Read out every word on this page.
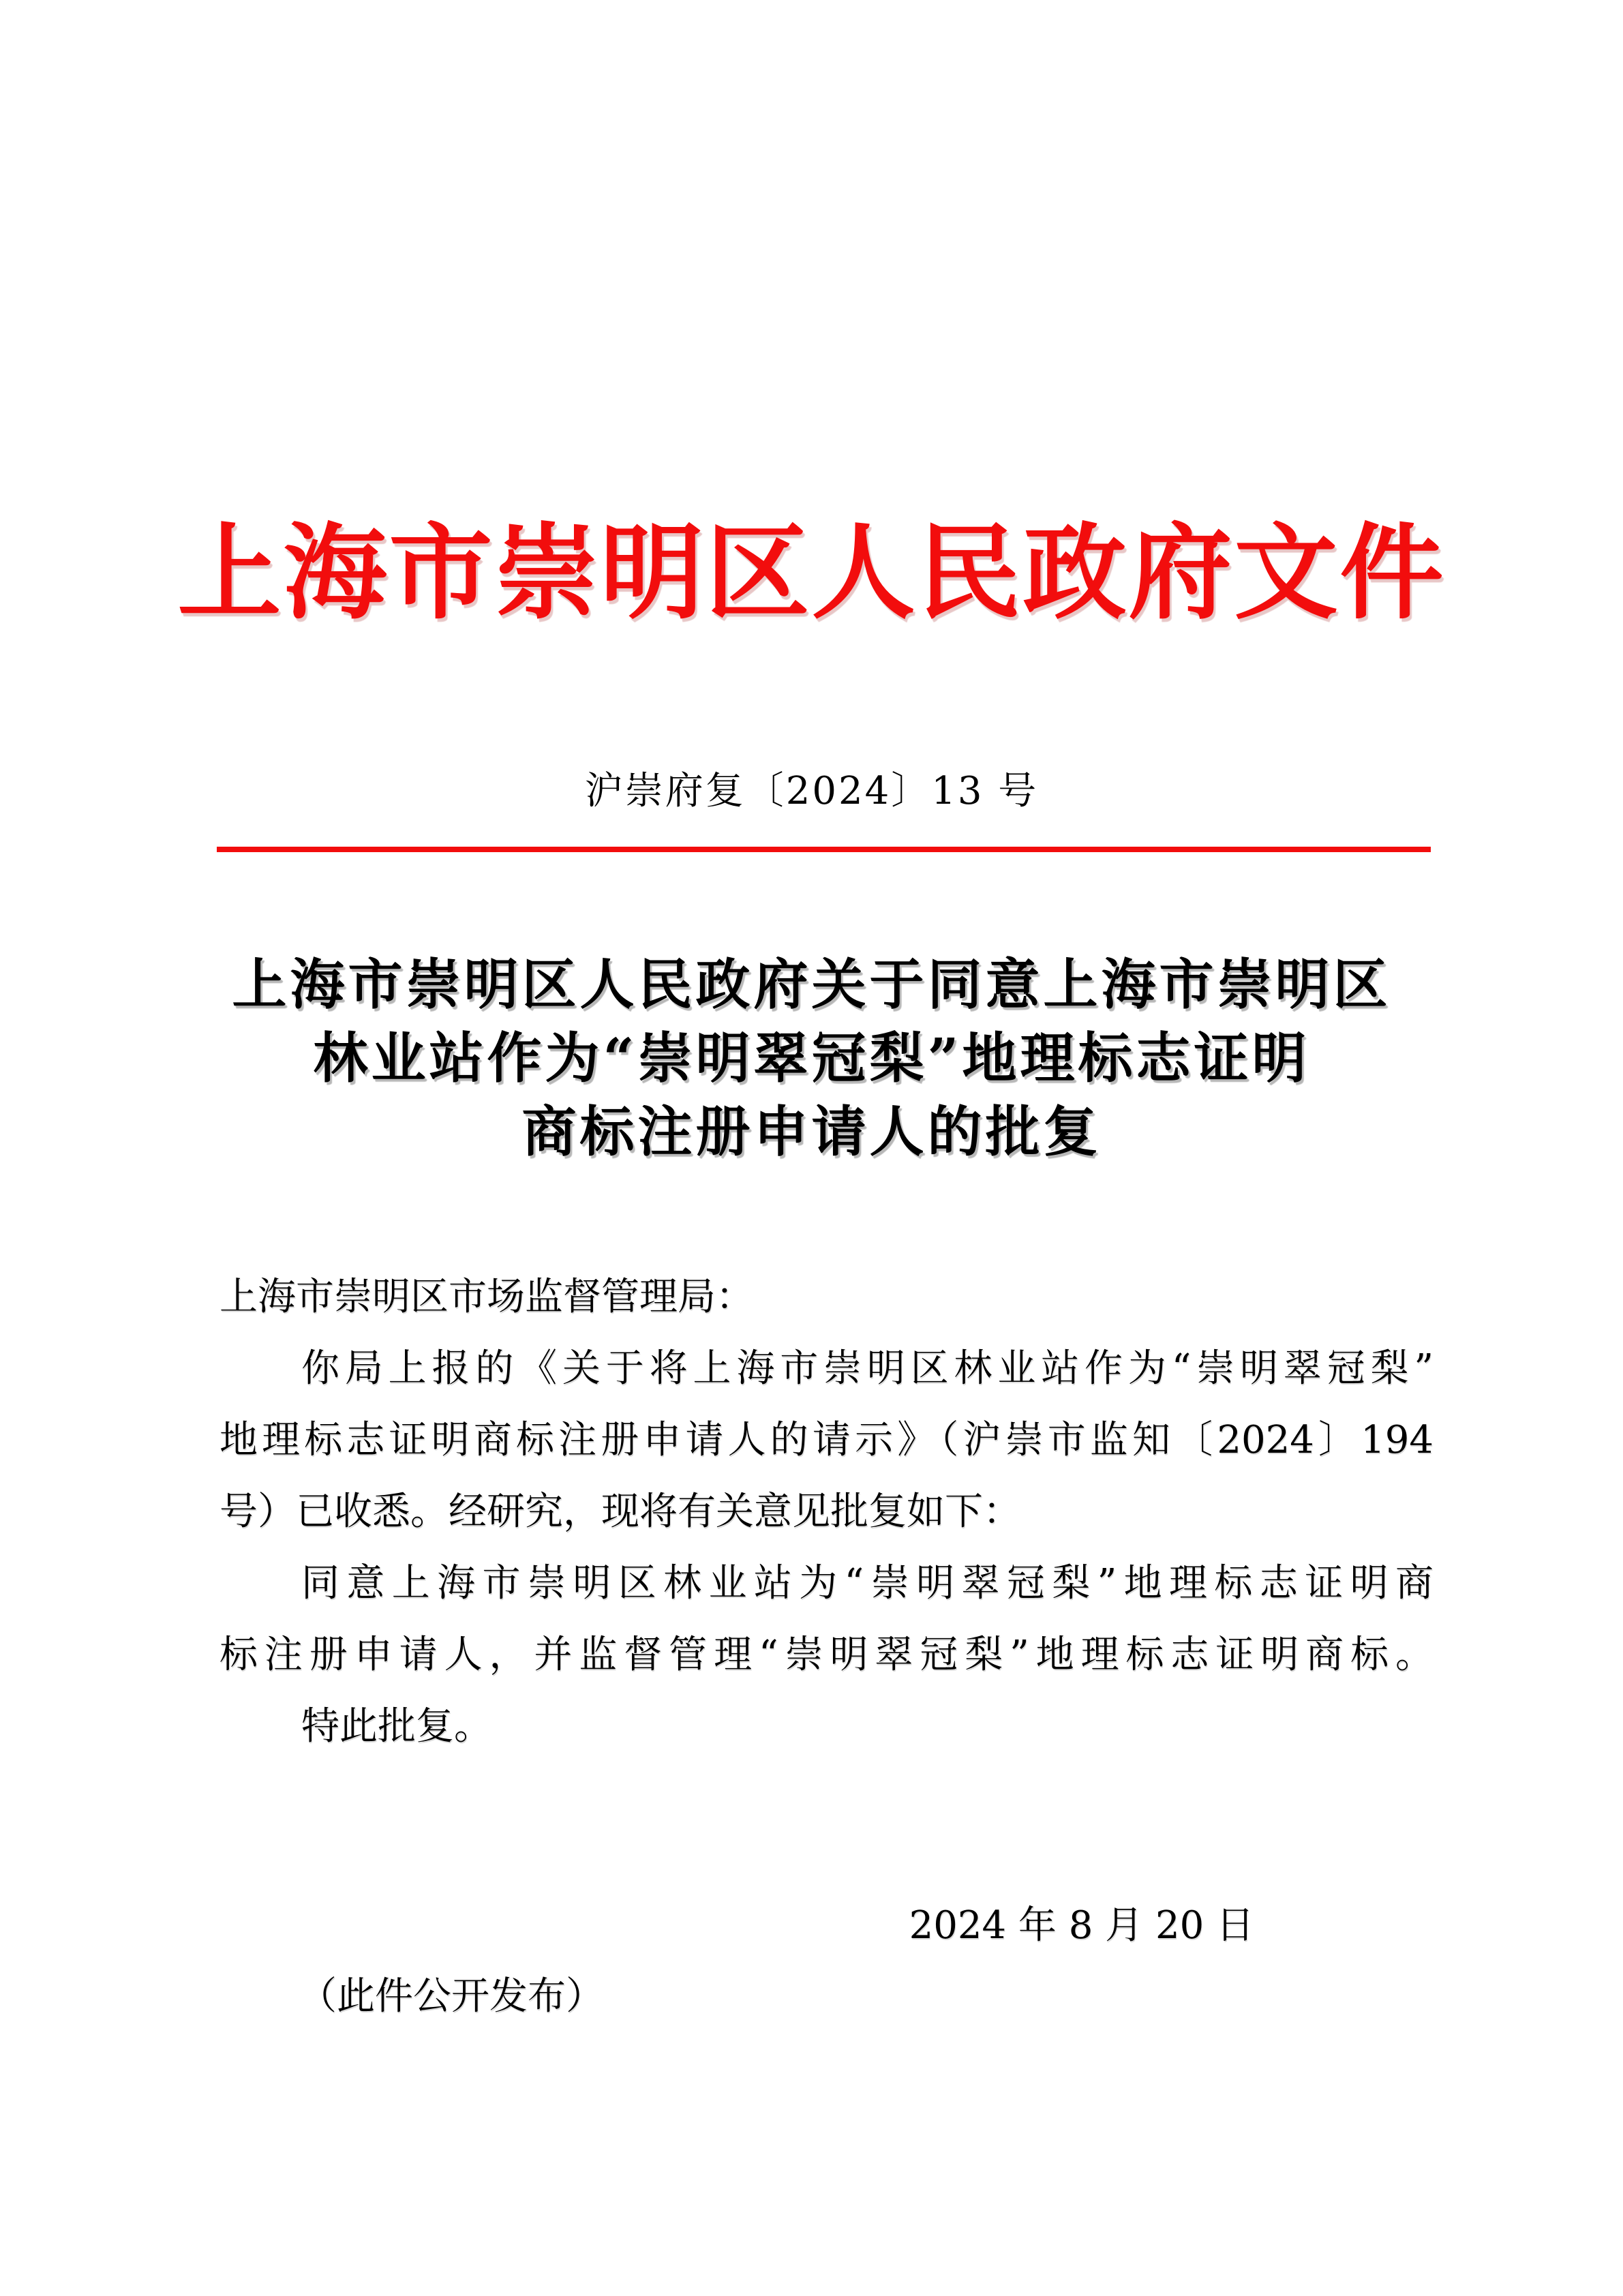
上海市崇明区人民政府文件
沪崇府复〔2024〕13 号
上海市崇明区人民政府关于同意上海市崇明区
林业站作为“崇明翠冠梨”地理标志证明
商标注册申请人的批复
上海市崇明区市场监督管理局：
你局上报的《关于将上海市崇明区林业站作为“崇明翠冠梨”
地理标志证明商标注册申请人的请示》（沪崇市监知〔2024〕194
号）已收悉。经研究，现将有关意见批复如下：
同意上海市崇明区林业站为“崇明翠冠梨”地理标志证明商
标注册申请人，并监督管理“崇明翠冠梨”地理标志证明商标。
特此批复。
2024 年 8 月 20 日
（此件公开发布）
